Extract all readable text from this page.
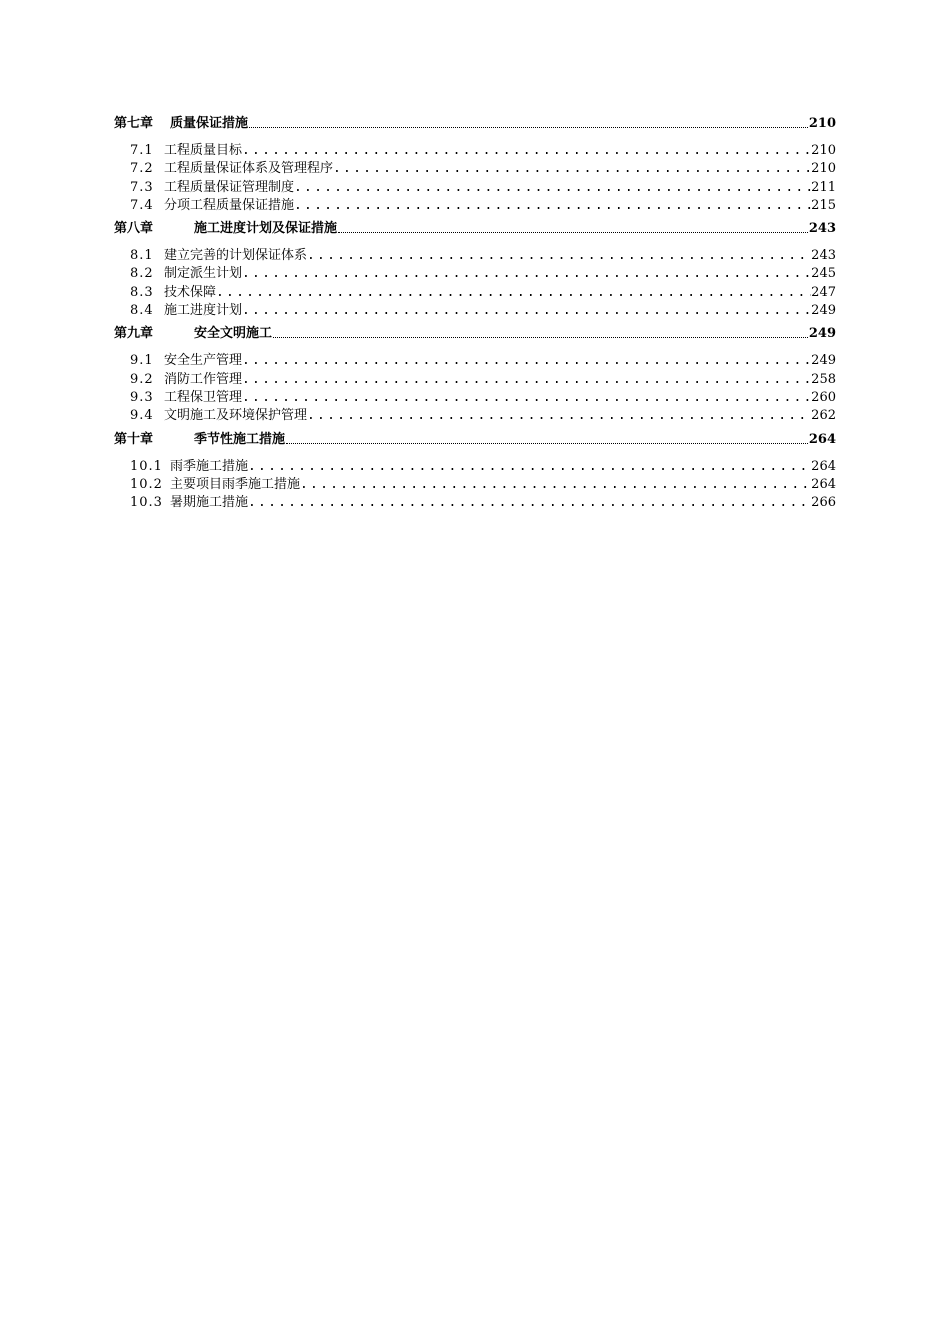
第七章	质量保证措施	210
7.1 工程质量目标 .....	210
7.2 工程质量保证体系及管理程序 .....	210
7.3 工程质量保证管理制度 .....	211
7.4 分项工程质量保证措施 .....	215
第八章	施工进度计划及保证措施	243
8.1 建立完善的计划保证体系 .....	243
8.2 制定派生计划 .....	245
8.3 技术保障 .....	247
8.4 施工进度计划 .....	249
第九章	安全文明施工	249
9.1 安全生产管理 .....	249
9.2 消防工作管理 .....	258
9.3 工程保卫管理 .....	260
9.4 文明施工及环境保护管理 .....	262
第十章	季节性施工措施	264
10.1 雨季施工措施 .....	264
10.2 主要项目雨季施工措施 .....	264
10.3 暑期施工措施 .....	266
